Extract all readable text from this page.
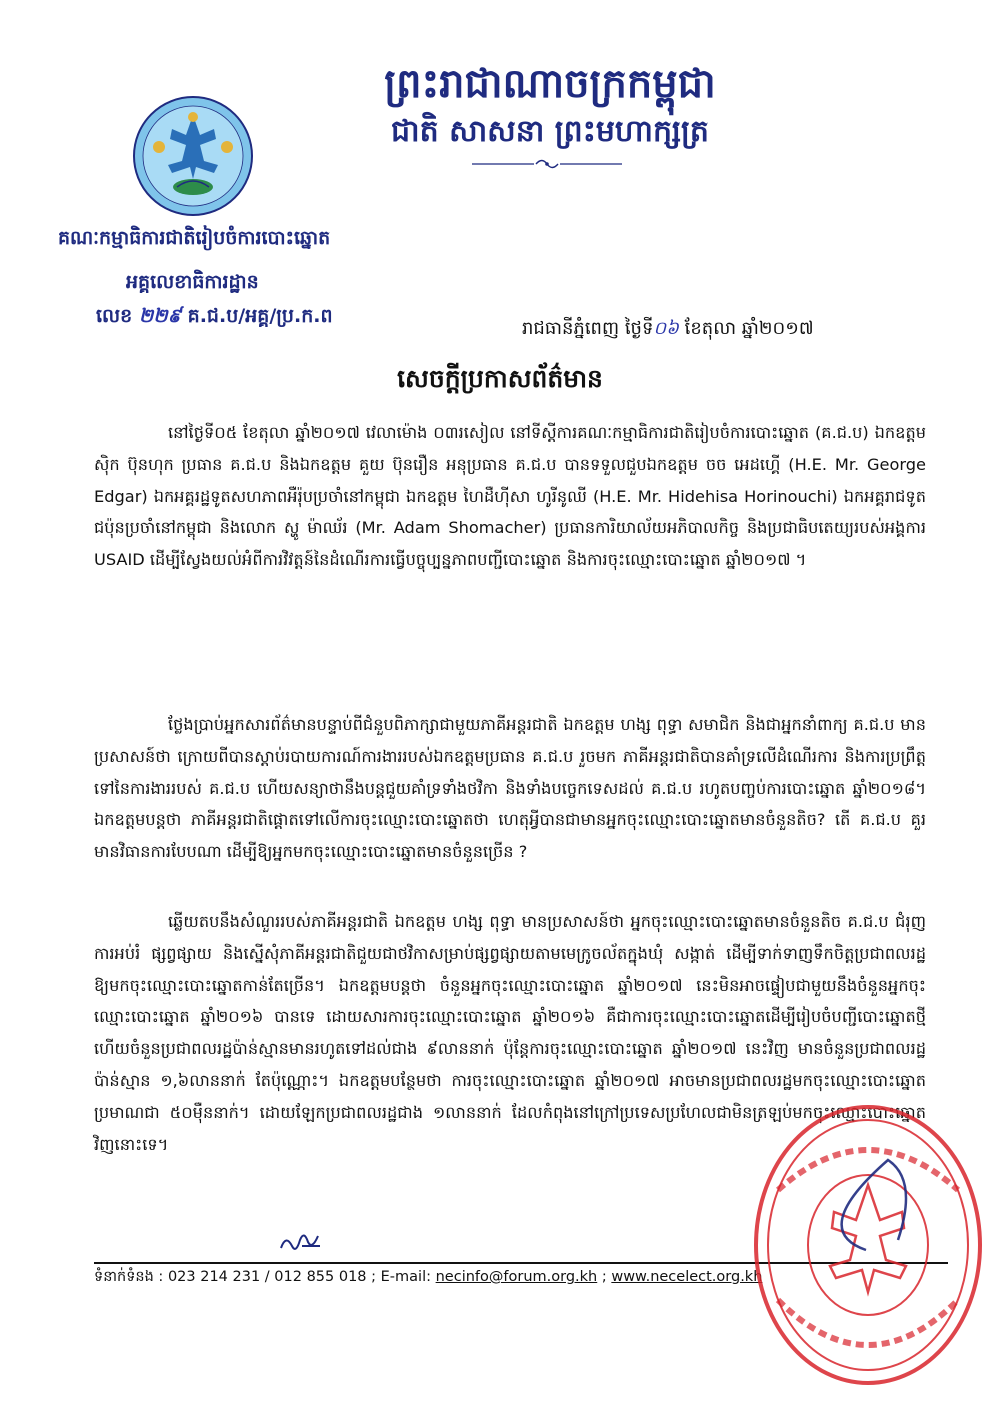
ព្រះរាជាណាចក្រកម្ពុជា
ជាតិ សាសនា ព្រះមហាក្សត្រ
គណៈកម្មាធិការជាតិរៀបចំការបោះឆ្នោត
អគ្គលេខាធិការដ្ឋាន
លេខ ២២៩ គ.ជ.ប/អគ្គ/ប្រ.ក.ព
រាជធានីភ្នំពេញ ថ្ងៃទី០៦ ខែតុលា ឆ្នាំ២០១៧
សេចក្ដីប្រកាសព័ត៌មាន
នៅថ្ងៃទី០៥ ខែតុលា ឆ្នាំ២០១៧ វេលាម៉ោង ០៣រសៀល នៅទីស្ដីការគណៈកម្មាធិការជាតិរៀបចំការបោះឆ្នោត (គ.ជ.ប) ឯកឧត្តម សុិក ប៊ុនហុក ប្រធាន គ.ជ.ប និងឯកឧត្តម គួយ ប៊ុនរឿន អនុប្រធាន គ.ជ.ប បានទទួលជួបឯកឧត្តម ចច អេដហ្គើ (H.E. Mr. George Edgar) ឯកអគ្គរដ្ឋទូតសហភាពអឺរ៉ុបប្រចាំនៅកម្ពុជា ឯកឧត្តម ហៃដឺហ៊ីសា ហូរីនូឈី (H.E. Mr. Hidehisa Horinouchi) ឯកអគ្គរាជទូតជប៉ុនប្រចាំនៅកម្ពុជា និងលោក ស្ហូ ម៉ាឈ័រ (Mr. Adam Shomacher) ប្រធានការិយាល័យអភិបាលកិច្ច និងប្រជាធិបតេយ្យរបស់អង្គការ USAID ដើម្បីស្វែងយល់អំពីការវិវត្តន៍នៃដំណើរការធ្វើបច្ចុប្បន្នភាពបញ្ជីបោះឆ្នោត និងការចុះឈ្មោះបោះឆ្នោត ឆ្នាំ២០១៧ ។
ថ្លែងប្រាប់អ្នកសារព័ត៌មានបន្ទាប់ពីជំនួបពិភាក្សាជាមួយភាគីអន្តរជាតិ ឯកឧត្តម ហង្ស ពុទ្ធា សមាជិក និងជាអ្នកនាំពាក្យ គ.ជ.ប មានប្រសាសន៍ថា ក្រោយពីបានស្ដាប់របាយការណ៍ការងាររបស់ឯកឧត្តមប្រធាន គ.ជ.ប រួចមក ភាគីអន្តរជាតិបានគាំទ្រលើដំណើរការ និងការប្រព្រឹត្តទៅនៃការងាររបស់ គ.ជ.ប ហើយសន្យាថានឹងបន្តជួយគាំទ្រទាំងថវិកា និងទាំងបច្ចេកទេសដល់ គ.ជ.ប រហូតបញ្ចប់ការបោះឆ្នោត ឆ្នាំ២០១៨។ ឯកឧត្តមបន្តថា ភាគីអន្តរជាតិផ្ដោតទៅលើការចុះឈ្មោះបោះឆ្នោតថា ហេតុអ្វីបានជាមានអ្នកចុះឈ្មោះបោះឆ្នោតមានចំនួនតិច? តើ គ.ជ.ប គួរមានវិធានការបែបណា ដើម្បីឱ្យអ្នកមកចុះឈ្មោះបោះឆ្នោតមានចំនួនច្រើន ?
ឆ្លើយតបនឹងសំណួររបស់ភាគីអន្តរជាតិ ឯកឧត្តម ហង្ស ពុទ្ធា មានប្រសាសន៍ថា អ្នកចុះឈ្មោះបោះឆ្នោតមានចំនួនតិច គ.ជ.ប ជំរុញការអប់រំ ផ្សព្វផ្សាយ និងស្នើសុំភាគីអន្តរជាតិជួយជាថវិកាសម្រាប់ផ្សព្វផ្សាយតាមមេក្រូចល័តក្នុងឃុំ សង្កាត់ ដើម្បីទាក់ទាញទឹកចិត្តប្រជាពលរដ្ឋឱ្យមកចុះឈ្មោះបោះឆ្នោតកាន់តែច្រើន។ ឯកឧត្តមបន្តថា ចំនួនអ្នកចុះឈ្មោះបោះឆ្នោត ឆ្នាំ២០១៧ នេះមិនអាចផ្ទៀបជាមួយនឹងចំនួនអ្នកចុះឈ្មោះបោះឆ្នោត ឆ្នាំ២០១៦ បានទេ ដោយសារការចុះឈ្មោះបោះឆ្នោត ឆ្នាំ២០១៦ គឺជាការចុះឈ្មោះបោះឆ្នោតដើម្បីរៀបចំបញ្ជីបោះឆ្នោតថ្មី ហើយចំនួនប្រជាពលរដ្ឋប៉ាន់ស្មានមានរហូតទៅដល់ជាង ៩លាននាក់ ប៉ុន្តែការចុះឈ្មោះបោះឆ្នោត ឆ្នាំ២០១៧ នេះវិញ មានចំនួនប្រជាពលរដ្ឋប៉ាន់ស្មាន ១,៦លាននាក់ តែប៉ុណ្ណោះ។ ឯកឧត្តមបន្ថែមថា ការចុះឈ្មោះបោះឆ្នោត ឆ្នាំ២០១៧ អាចមានប្រជាពលរដ្ឋមកចុះឈ្មោះបោះឆ្នោតប្រមាណជា ៥០ម៉ឺននាក់។ ដោយឡែកប្រជាពលរដ្ឋជាង ១លាននាក់ ដែលកំពុងនៅក្រៅប្រទេសប្រហែលជាមិនត្រឡប់មកចុះឈ្មោះបោះឆ្នោតវិញនោះទេ។
ទំនាក់ទំនង : 023 214 231 / 012 855 018 ; E-mail: necinfo@forum.org.kh ; www.necelect.org.kh
